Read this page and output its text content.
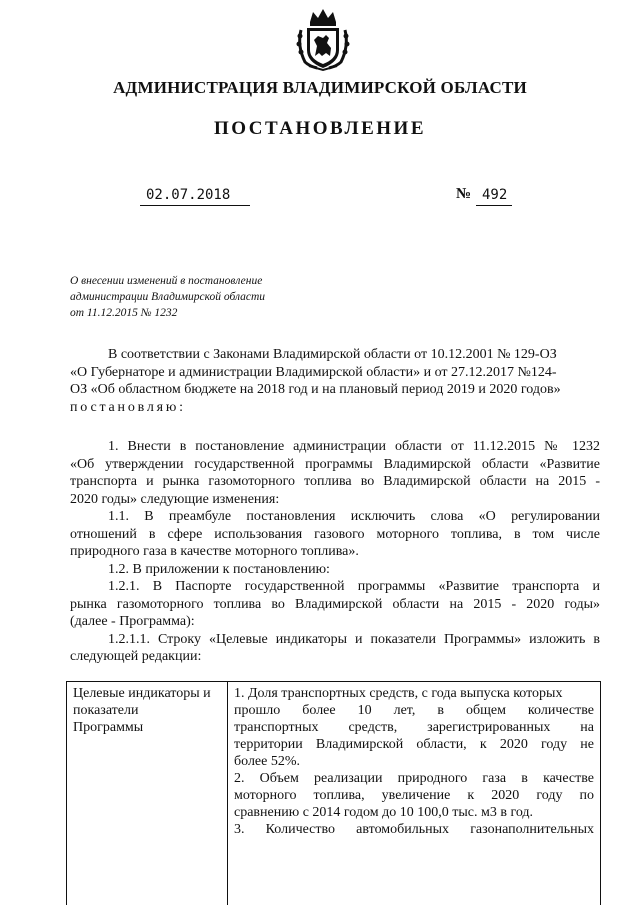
АДМИНИСТРАЦИЯ ВЛАДИМИРСКОЙ ОБЛАСТИ
ПОСТАНОВЛЕНИЕ
02.07.2018	№ 492
О внесении изменений в постановление
администрации Владимирской области
от 11.12.2015 № 1232
В соответствии с Законами Владимирской области от 10.12.2001 № 129-ОЗ
«О Губернаторе и администрации Владимирской области» и от 27.12.2017 №124-
ОЗ «Об областном бюджете на 2018 год и на плановый период 2019 и 2020 годов»
постановляю:
1. Внести в постановление администрации области от 11.12.2015 № 1232
«Об утверждении государственной программы Владимирской области «Развитие
транспорта и рынка газомоторного топлива во Владимирской области на 2015 -
2020 годы» следующие изменения:
1.1. В преамбуле постановления исключить слова «О регулировании
отношений в сфере использования газового моторного топлива, в том числе
природного газа в качестве моторного топлива».
1.2. В приложении к постановлению:
1.2.1. В Паспорте государственной программы «Развитие транспорта и
рынка газомоторного топлива во Владимирской области на 2015 - 2020 годы»
(далее - Программа):
1.2.1.1. Строку «Целевые индикаторы и показатели Программы» изложить в
следующей редакции:
Целевые индикаторы и
показатели
Программы
1. Доля транспортных средств, с года выпуска которых
прошло более 10 лет, в общем количестве
транспортных средств, зарегистрированных на
территории Владимирской области, к 2020 году не
более 52%.
2. Объем реализации природного газа в качестве
моторного топлива, увеличение к 2020 году по
сравнению с 2014 годом до 10 100,0 тыс. м3 в год.
3. Количество автомобильных газонаполнительных
